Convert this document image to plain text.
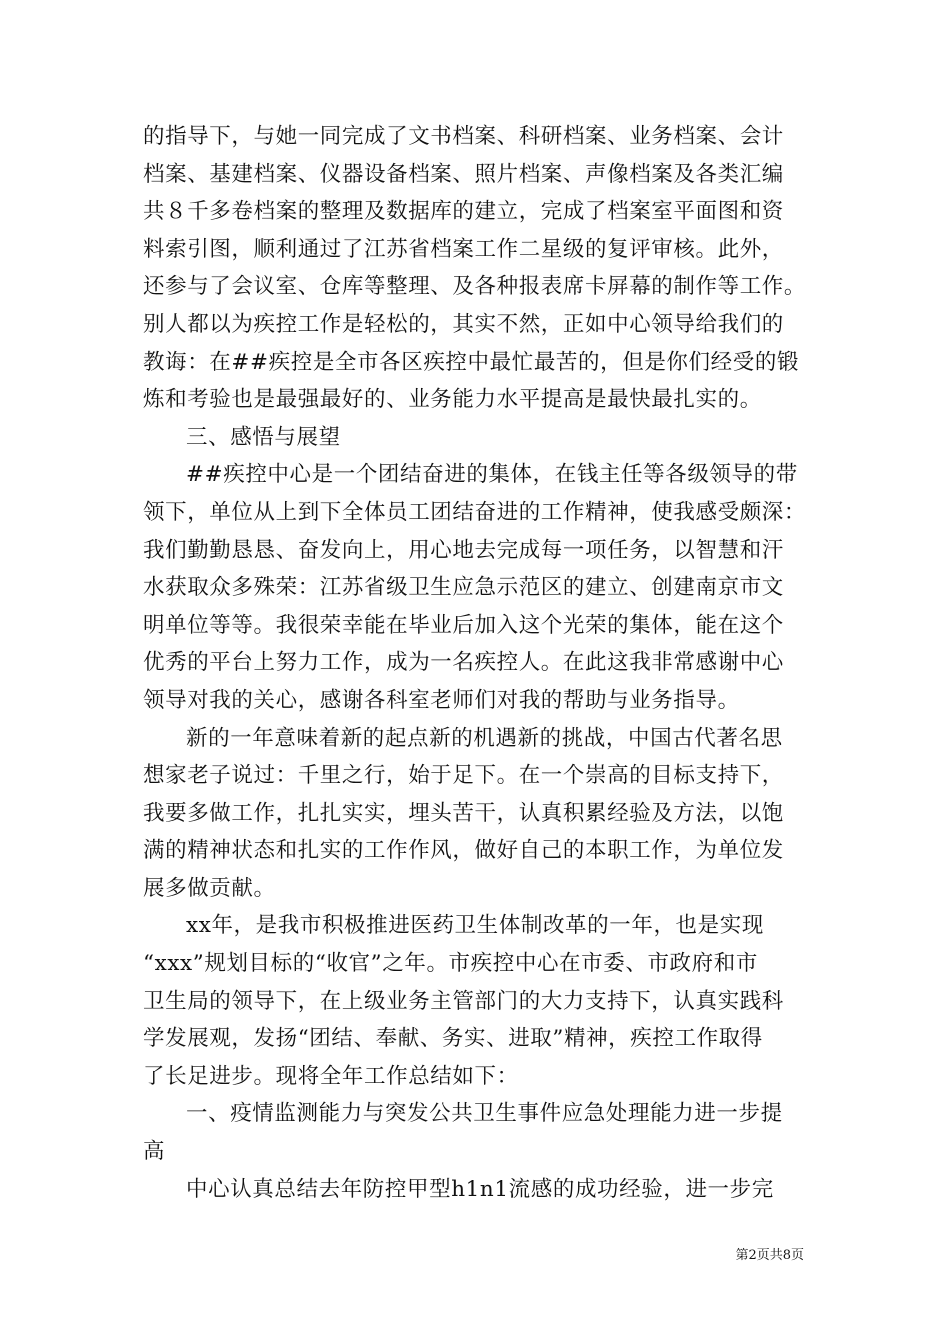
的指导下，与她一同完成了文书档案、科研档案、业务档案、会计
档案、基建档案、仪器设备档案、照片档案、声像档案及各类汇编
共８千多卷档案的整理及数据库的建立，完成了档案室平面图和资
料索引图，顺利通过了江苏省档案工作二星级的复评审核。此外，
还参与了会议室、仓库等整理、及各种报表席卡屏幕的制作等工作。
别人都以为疾控工作是轻松的，其实不然，正如中心领导给我们的
教诲：在##疾控是全市各区疾控中最忙最苦的，但是你们经受的锻
炼和考验也是最强最好的、业务能力水平提高是最快最扎实的。
三、感悟与展望
##疾控中心是一个团结奋进的集体，在钱主任等各级领导的带
领下，单位从上到下全体员工团结奋进的工作精神，使我感受颇深：
我们勤勤恳恳、奋发向上，用心地去完成每一项任务，以智慧和汗
水获取众多殊荣：江苏省级卫生应急示范区的建立、创建南京市文
明单位等等。我很荣幸能在毕业后加入这个光荣的集体，能在这个
优秀的平台上努力工作，成为一名疾控人。在此这我非常感谢中心
领导对我的关心，感谢各科室老师们对我的帮助与业务指导。
新的一年意味着新的起点新的机遇新的挑战，中国古代著名思
想家老子说过：千里之行，始于足下。在一个崇高的目标支持下，
我要多做工作，扎扎实实，埋头苦干，认真积累经验及方法，以饱
满的精神状态和扎实的工作作风，做好自己的本职工作，为单位发
展多做贡献。
xx年，是我市积极推进医药卫生体制改革的一年，也是实现
“xxx”规划目标的“收官”之年。市疾控中心在市委、市政府和市
卫生局的领导下，在上级业务主管部门的大力支持下，认真实践科
学发展观，发扬“团结、奉献、务实、进取”精神，疾控工作取得
了长足进步。现将全年工作总结如下：
一、疫情监测能力与突发公共卫生事件应急处理能力进一步提
高
中心认真总结去年防控甲型h1n1流感的成功经验，进一步完
第2页共8页
